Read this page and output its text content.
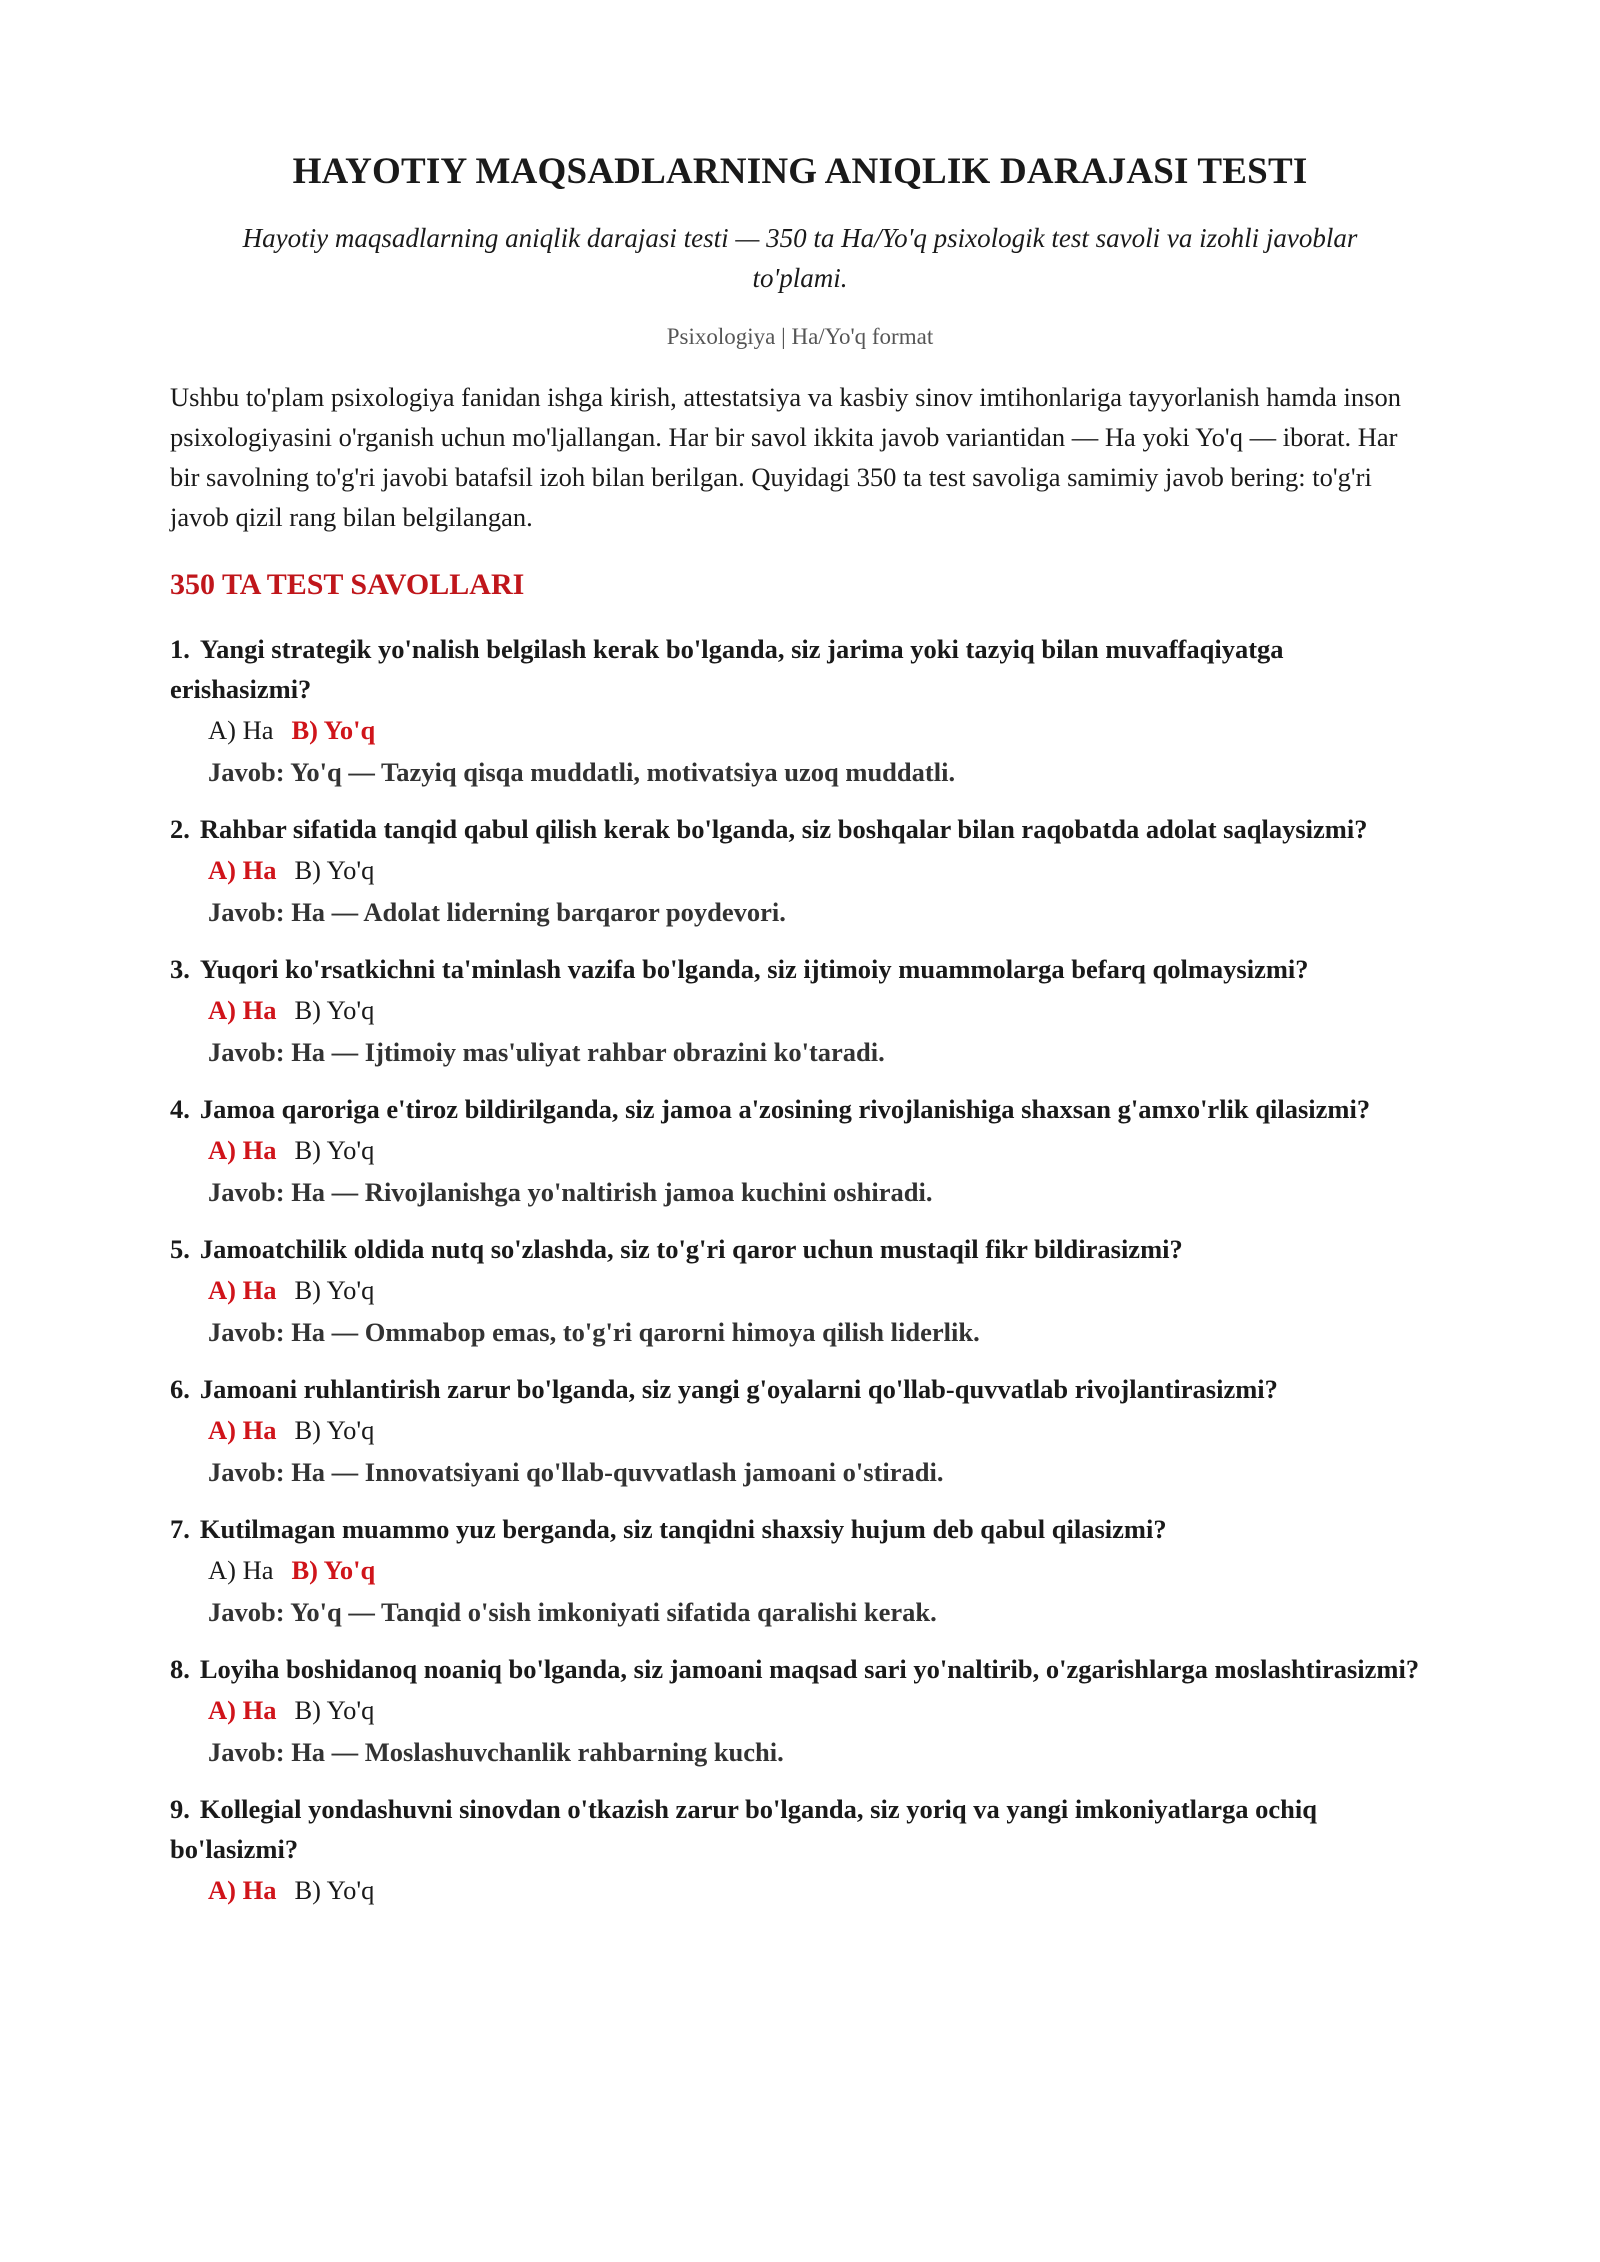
HAYOTIY MAQSADLARNING ANIQLIK DARAJASI TESTI
Hayotiy maqsadlarning aniqlik darajasi testi — 350 ta Ha/Yo'q psixologik test savoli va izohli javoblar to'plami.
Psixologiya | Ha/Yo'q format
Ushbu to'plam psixologiya fanidan ishga kirish, attestatsiya va kasbiy sinov imtihonlariga tayyorlanish hamda inson psixologiyasini o'rganish uchun mo'ljallangan. Har bir savol ikkita javob variantidan — Ha yoki Yo'q — iborat. Har bir savolning to'g'ri javobi batafsil izoh bilan berilgan. Quyidagi 350 ta test savoliga samimiy javob bering: to'g'ri javob qizil rang bilan belgilangan.
350 TA TEST SAVOLLARI
1. Yangi strategik yo'nalish belgilash kerak bo'lganda, siz jarima yoki tazyiq bilan muvaffaqiyatga erishasizmi?
A) Ha B) Yo'q
Javob: Yo'q — Tazyiq qisqa muddatli, motivatsiya uzoq muddatli.
2. Rahbar sifatida tanqid qabul qilish kerak bo'lganda, siz boshqalar bilan raqobatda adolat saqlaysizmi?
A) Ha B) Yo'q
Javob: Ha — Adolat liderning barqaror poydevori.
3. Yuqori ko'rsatkichni ta'minlash vazifa bo'lganda, siz ijtimoiy muammolarga befarq qolmaysizmi?
A) Ha B) Yo'q
Javob: Ha — Ijtimoiy mas'uliyat rahbar obrazini ko'taradi.
4. Jamoa qaroriga e'tiroz bildirilganda, siz jamoa a'zosining rivojlanishiga shaxsan g'amxo'rlik qilasizmi?
A) Ha B) Yo'q
Javob: Ha — Rivojlanishga yo'naltirish jamoa kuchini oshiradi.
5. Jamoatchilik oldida nutq so'zlashda, siz to'g'ri qaror uchun mustaqil fikr bildirasizmi?
A) Ha B) Yo'q
Javob: Ha — Ommabop emas, to'g'ri qarorni himoya qilish liderlik.
6. Jamoani ruhlantirish zarur bo'lganda, siz yangi g'oyalarni qo'llab-quvvatlab rivojlantirasizmi?
A) Ha B) Yo'q
Javob: Ha — Innovatsiyani qo'llab-quvvatlash jamoani o'stiradi.
7. Kutilmagan muammo yuz berganda, siz tanqidni shaxsiy hujum deb qabul qilasizmi?
A) Ha B) Yo'q
Javob: Yo'q — Tanqid o'sish imkoniyati sifatida qaralishi kerak.
8. Loyiha boshidanoq noaniq bo'lganda, siz jamoani maqsad sari yo'naltirib, o'zgarishlarga moslashtirasizmi?
A) Ha B) Yo'q
Javob: Ha — Moslashuvchanlik rahbarning kuchi.
9. Kollegial yondashuvni sinovdan o'tkazish zarur bo'lganda, siz yoriq va yangi imkoniyatlarga ochiq bo'lasizmi?
A) Ha B) Yo'q
